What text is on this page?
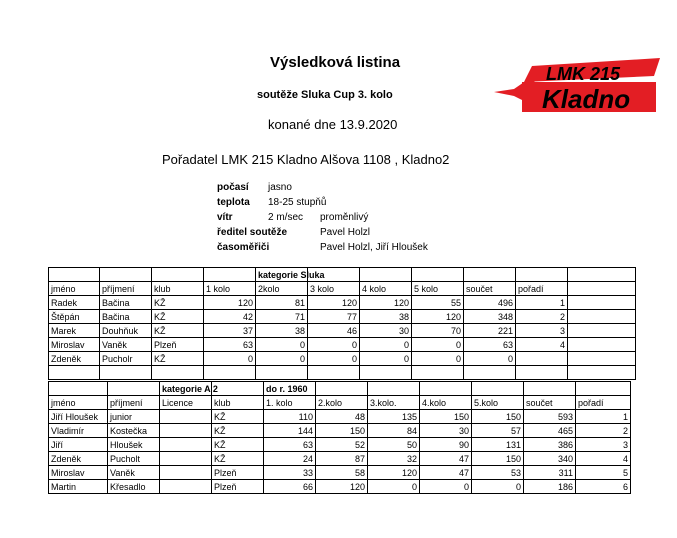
Výsledková listina
soutěže Sluka Cup 3. kolo
konané dne 13.9.2020
Pořadatel LMK 215 Kladno Alšova 1108 , Kladno2
LMK 215
Kladno
počasí jasno
teplota 18-25 stupňů
vítr	2 m/sec proměnlivý
ředitel soutěže	Pavel Holzl
časoměřiči	Pavel Holzl, Jiří Hloušek
				kategorie Sluka						
jméno	příjmení	klub	1 kolo	2kolo	3 kolo	4 kolo	5 kolo	součet	pořadí	
Radek	Bačina	KŽ	120	81	120	120	55	496	1	
Štěpán	Bačina	KŽ	42	71	77	38	120	348	2	
Marek	Douhňuk	KŽ	37	38	46	30	70	221	3	
Miroslav	Vaněk	Plzeň	63	0	0	0	0	63	4	
Zdeněk	Pucholr	KŽ	0	0	0	0	0	0		

		kategorie A 2		do r. 1960						
jméno	příjmení	Licence	klub	1. kolo	2.kolo	3.kolo.	4.kolo	5.kolo	součet	pořadí
Jiří Hloušek	junior		KŽ	110	48	135	150	150	593	1
Vladimír	Kostečka		KŽ	144	150	84	30	57	465	2
Jiří	Hloušek		KŽ	63	52	50	90	131	386	3
Zdeněk	Pucholt		KŽ	24	87	32	47	150	340	4
Miroslav	Vaněk		Plzeň	33	58	120	47	53	311	5
Martin	Křesadlo		Plzeň	66	120	0	0	0	186	6
